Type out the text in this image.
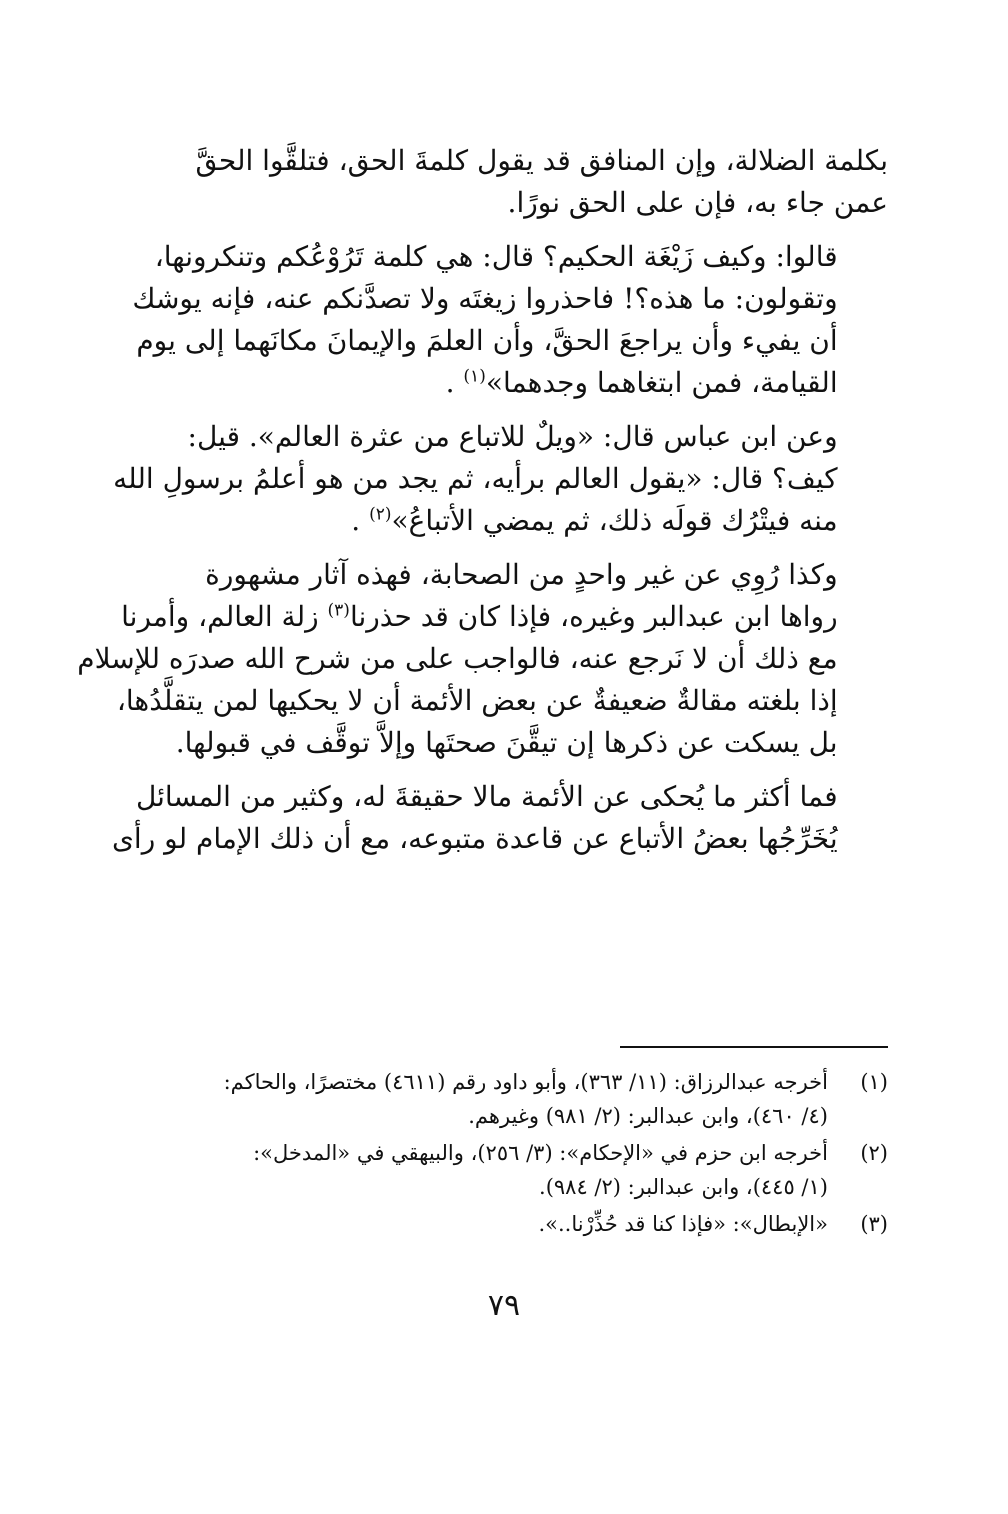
بكلمة الضلالة، وإن المنافق قد يقول كلمةَ الحق، فتلقَّوا الحقَّ
عمن جاء به، فإن على الحق نورًا.

قالوا: وكيف زَيْغَة الحكيم؟ قال: هي كلمة تَرُوْعُكم وتنكرونها،
وتقولون: ما هذه؟! فاحذروا زيغتَه ولا تصدَّنكم عنه، فإنه يوشك
أن يفيء وأن يراجعَ الحقَّ، وأن العلمَ والإيمانَ مكانَهما إلى يوم
القيامة، فمن ابتغاهما وجدهما»$^{(١)}$ .

وعن ابن عباس قال: «ويلٌ للاتباع من عثرة العالم». قيل:
كيف؟ قال: «يقول العالم برأيه، ثم يجد من هو أعلمُ برسولِ الله
منه فيتْرُك قولَه ذلك، ثم يمضي الأتباعُ»$^{(٢)}$ .

وكذا رُوِي عن غير واحدٍ من الصحابة، فهذه آثار مشهورة
رواها ابن عبدالبر وغيره، فإذا كان قد حذرنا$^{(٣)}$ زلة العالم، وأمرنا
مع ذلك أن لا نَرجع عنه، فالواجب على من شرح الله صدرَه للإسلام
إذا بلغته مقالةٌ ضعيفةٌ عن بعض الأئمة أن لا يحكيها لمن يتقلَّدُها،
بل يسكت عن ذكرها إن تيقَّنَ صحتَها وإلاَّ توقَّف في قبولها.

فما أكثر ما يُحكى عن الأئمة مالا حقيقةَ له، وكثير من المسائل
يُخَرِّجُها بعضُ الأتباع عن قاعدة متبوعه، مع أن ذلك الإمام لو رأى

(١)
أخرجه عبدالرزاق: (١١/ ٣٦٣)، وأبو داود رقم (٤٦١١) مختصرًا، والحاكم:
(٤/ ٤٦٠)، وابن عبدالبر: (٢/ ٩٨١) وغيرهم.
(٢)
أخرجه ابن حزم في «الإحكام»: (٣/ ٢٥٦)، والبيهقي في «المدخل»:
(١/ ٤٤٥)، وابن عبدالبر: (٢/ ٩٨٤).
(٣)
«الإبطال»: «فإذا كنا قد حُذِّرْنا..».
٧٩
